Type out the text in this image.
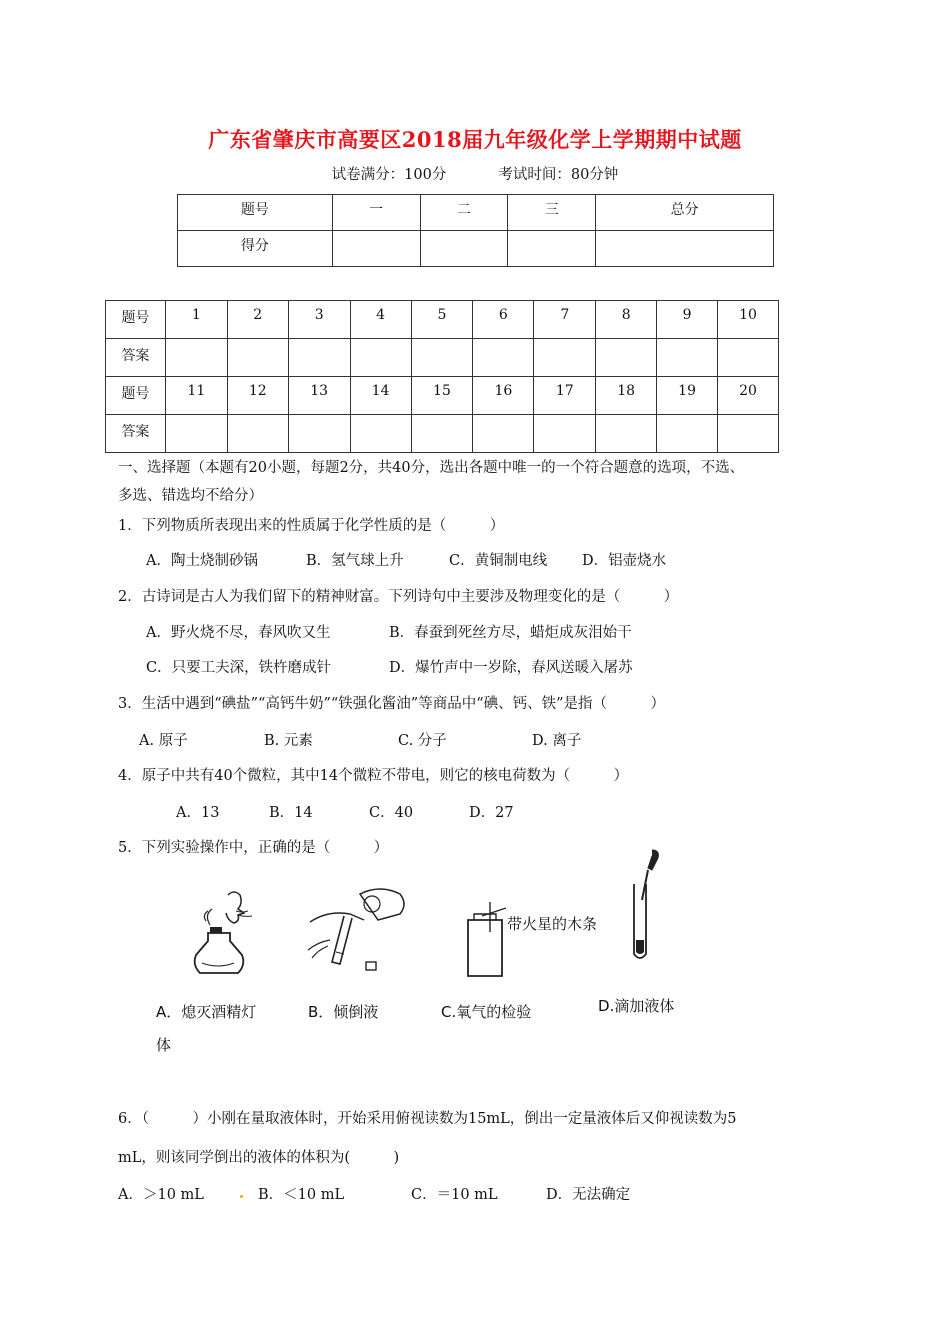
广东省肇庆市高要区2018届九年级化学上学期期中试题
试卷满分：100分	考试时间：80分钟
题号	一	二	三	总分

得分				

题号	1	2	3	4	5	6	7	8	9	10

答案										

题号	11	12	13	14	15	16	17	18	19	20

答案										

一、选择题（本题有20小题，每题2分，共40分，选出各题中唯一的一个符合题意的选项，不选、
多选、错选均不给分）
1．下列物质所表现出来的性质属于化学性质的是（　　　）
A．陶土烧制砂锅	B．氢气球上升	C．黄铜制电线 D．铝壶烧水
2．古诗词是古人为我们留下的精神财富。下列诗句中主要涉及物理变化的是（　　　）
A．野火烧不尽，春风吹又生	B．春蚕到死丝方尽，蜡炬成灰泪始干
C．只要工夫深，铁杵磨成针	D．爆竹声中一岁除，春风送暖入屠苏
3．生活中遇到“碘盐”“高钙牛奶”“铁强化酱油”等商品中“碘、钙、铁”是指（　　　）
A. 原子	B. 元素	C. 分子	D. 离子
4．原子中共有40个微粒，其中14个微粒不带电，则它的核电荷数为（　　　）
A．13	B．14	C．40	D．27
5．下列实验操作中，正确的是（　　　）
带火星的木条
A．熄灭酒精灯
体
B．倾倒液	C.氧气的检验	D.滴加液体
6．（　　　）小刚在量取液体时，开始采用俯视读数为15mL，倒出一定量液体后又仰视读数为5
mL，则该同学倒出的液体的体积为(　　　)
A．＞10 mL	B．＜10 mL	C．＝10 mL	D．无法确定
